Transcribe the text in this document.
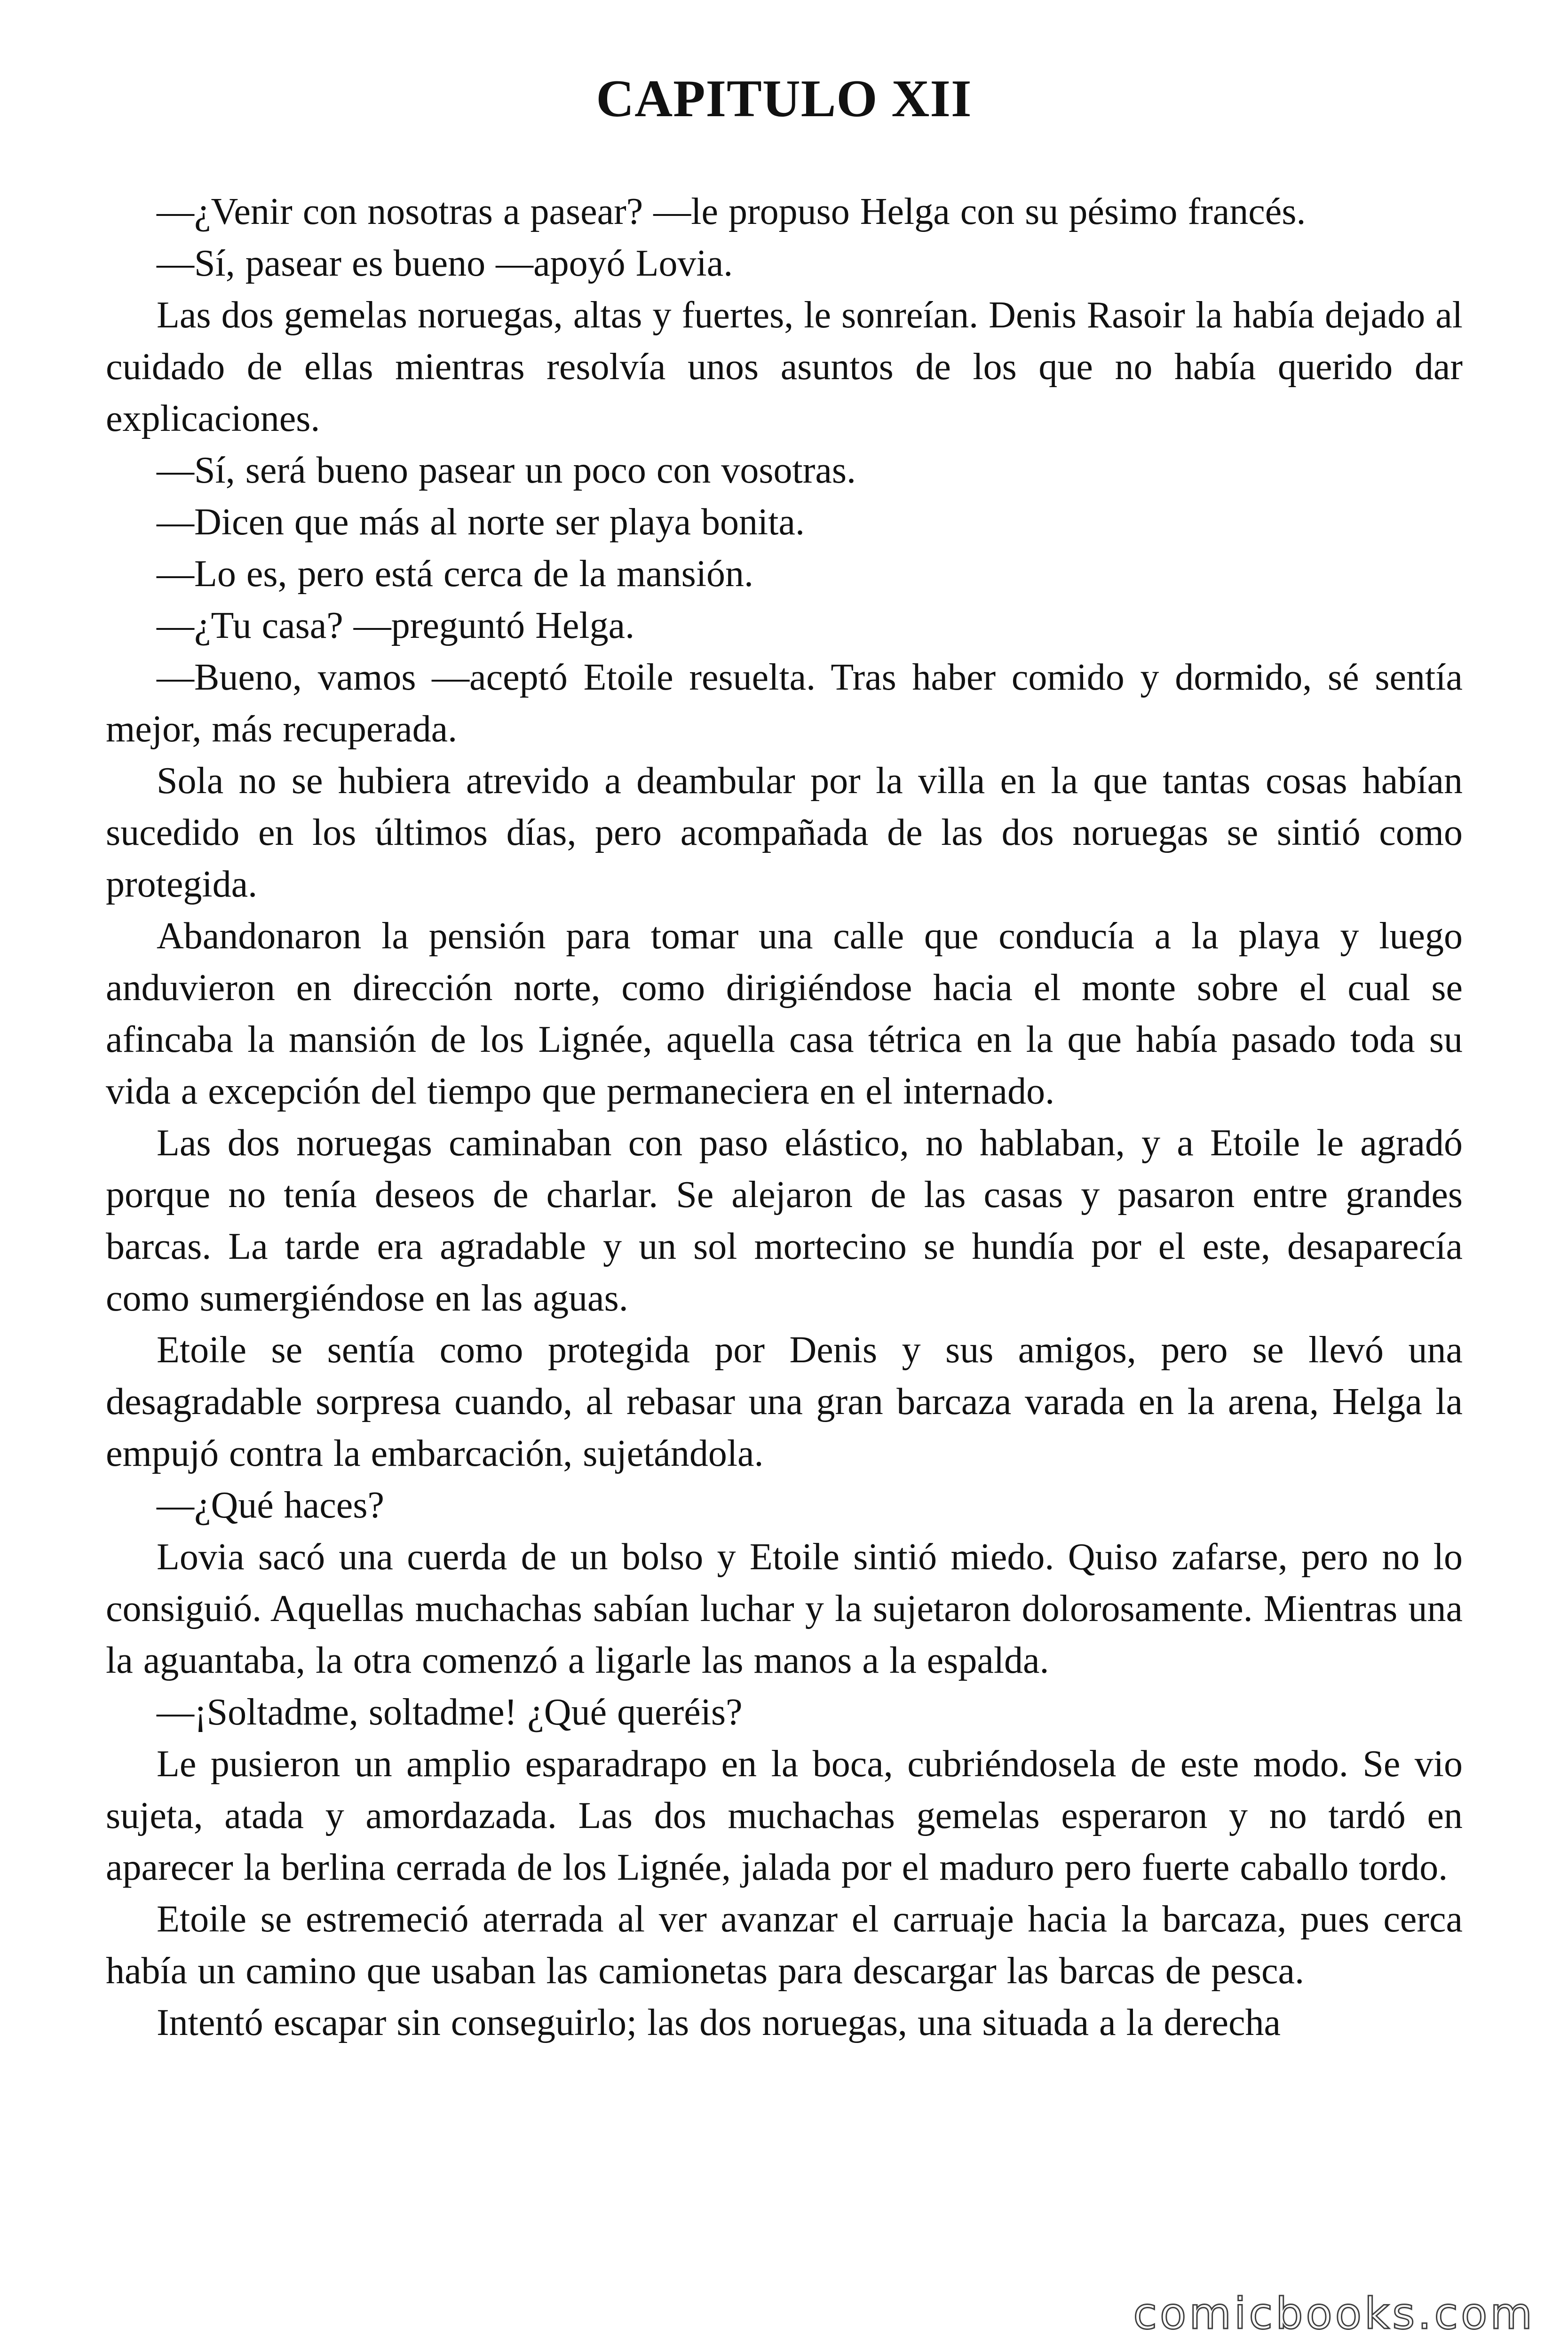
CAPITULO XII

—¿Venir con nosotras a pasear? —le propuso Helga con su pésimo francés.

—Sí, pasear es bueno —apoyó Lovia.

Las dos gemelas noruegas, altas y fuertes, le sonreían. Denis Rasoir la había dejado al cuidado de ellas mientras resolvía unos asuntos de los que no había querido dar explicaciones.

—Sí, será bueno pasear un poco con vosotras.

—Dicen que más al norte ser playa bonita.

—Lo es, pero está cerca de la mansión.

—¿Tu casa? —preguntó Helga.

—Bueno, vamos —aceptó Etoile resuelta. Tras haber comido y dormido, sé sentía mejor, más recuperada.

Sola no se hubiera atrevido a deambular por la villa en la que tantas cosas habían sucedido en los últimos días, pero acompañada de las dos noruegas se sintió como protegida.

Abandonaron la pensión para tomar una calle que conducía a la playa y luego anduvieron en dirección norte, como dirigiéndose hacia el monte sobre el cual se afincaba la mansión de los Lignée, aquella casa tétrica en la que había pasado toda su vida a excepción del tiempo que permaneciera en el internado.

Las dos noruegas caminaban con paso elástico, no hablaban, y a Etoile le agradó porque no tenía deseos de charlar. Se alejaron de las casas y pasaron entre grandes barcas. La tarde era agradable y un sol mortecino se hundía por el este, desaparecía como sumergiéndose en las aguas.

Etoile se sentía como protegida por Denis y sus amigos, pero se llevó una desagradable sorpresa cuando, al rebasar una gran barcaza varada en la arena, Helga la empujó contra la embarcación, sujetándola.

—¿Qué haces?

Lovia sacó una cuerda de un bolso y Etoile sintió miedo. Quiso zafarse, pero no lo consiguió. Aquellas muchachas sabían luchar y la sujetaron dolorosamente. Mientras una la aguantaba, la otra comenzó a ligarle las manos a la espalda.

—¡Soltadme, soltadme! ¿Qué queréis?

Le pusieron un amplio esparadrapo en la boca, cubriéndosela de este modo. Se vio sujeta, atada y amordazada. Las dos muchachas gemelas esperaron y no tardó en aparecer la berlina cerrada de los Lignée, jalada por el maduro pero fuerte caballo tordo.

Etoile se estremeció aterrada al ver avanzar el carruaje hacia la barcaza, pues cerca había un camino que usaban las camionetas para descargar las barcas de pesca.

Intentó escapar sin conseguirlo; las dos noruegas, una situada a la derecha

comicbooks.com
